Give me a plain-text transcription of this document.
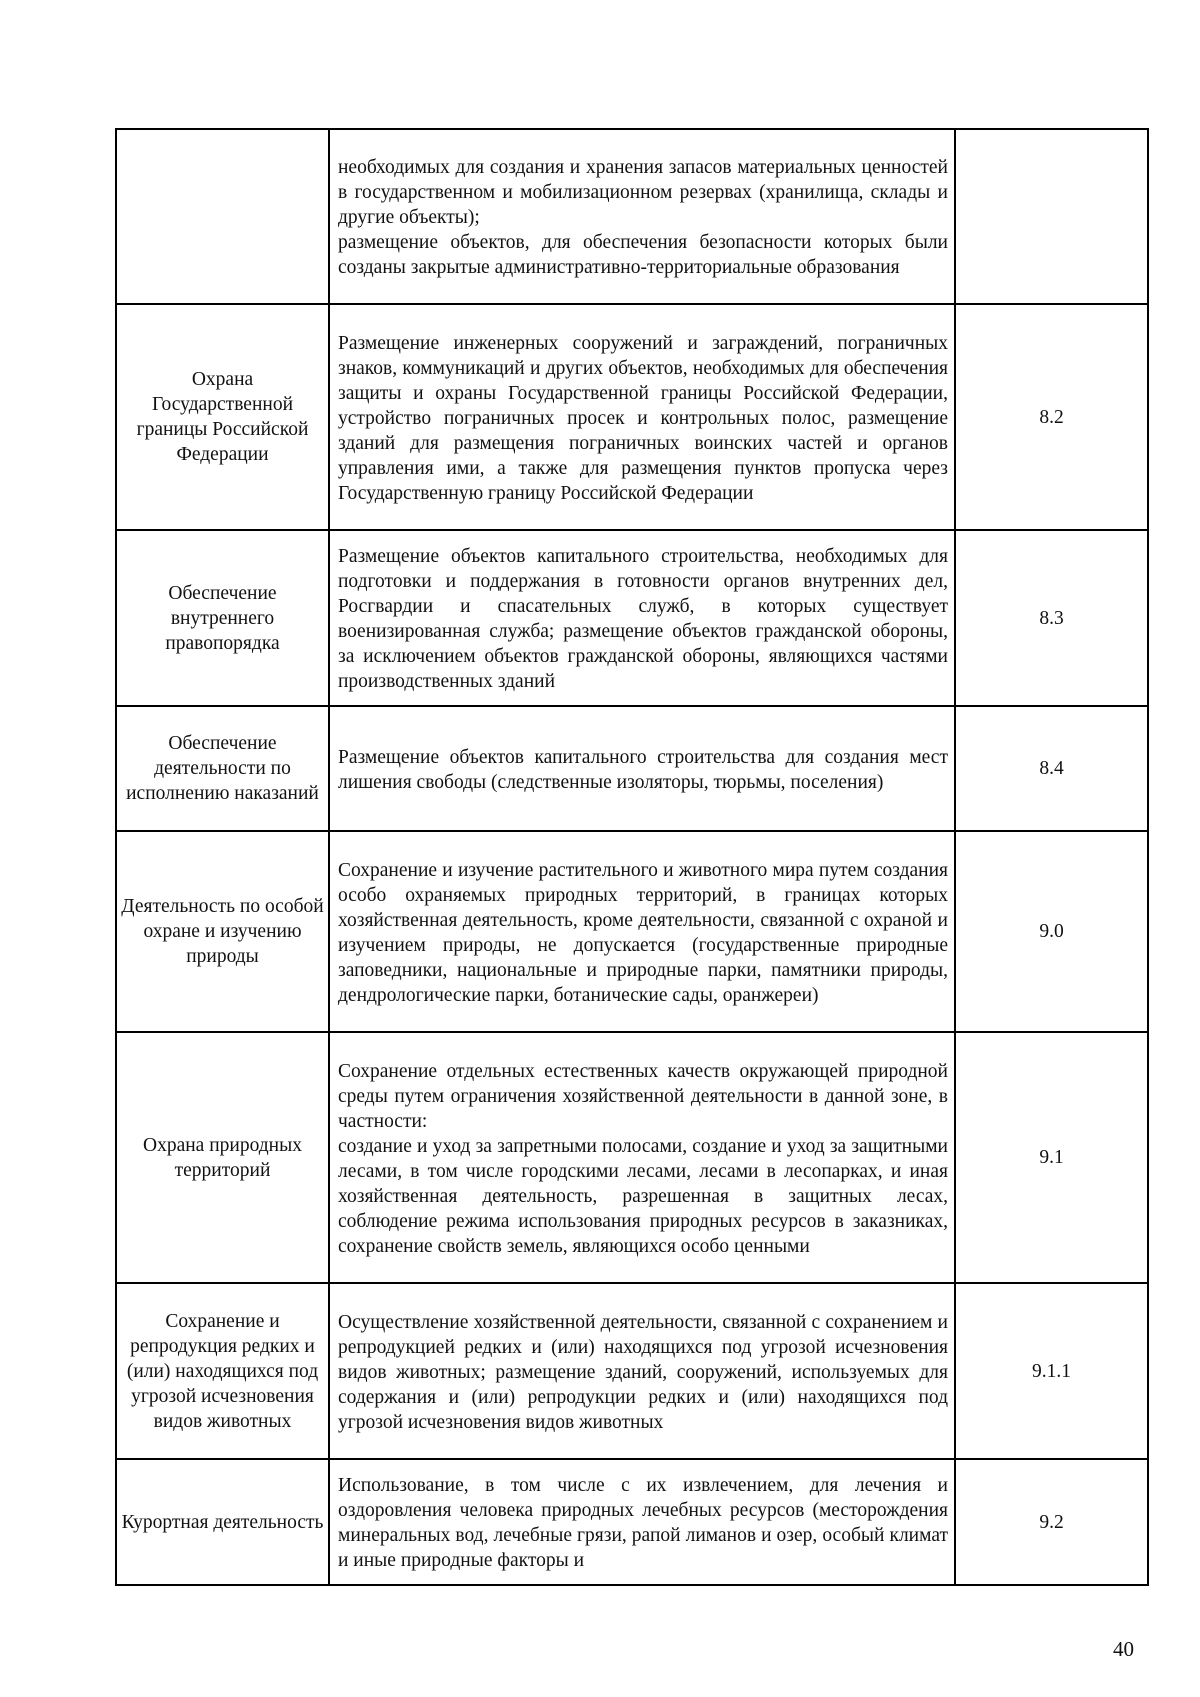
	необходимых для создания и хранения запасов материальных ценностей в государственном и мобилизационном резервах (хранилища, склады и другие объекты);
размещение объектов, для обеспечения безопасности которых были созданы закрытые административно-территориальные образования	

Охрана Государственной границы Российской Федерации	Размещение инженерных сооружений и заграждений, пограничных знаков, коммуникаций и других объектов, необходимых для обеспечения защиты и охраны Государственной границы Российской Федерации, устройство пограничных просек и контрольных полос, размещение зданий для размещения пограничных воинских частей и органов управления ими, а также для размещения пунктов пропуска через Государственную границу Российской Федерации	8.2
Обеспечение внутреннего правопорядка	Размещение объектов капитального строительства, необходимых для подготовки и поддержания в готовности органов внутренних дел, Росгвардии и спасательных служб, в которых существует военизированная служба; размещение объектов гражданской обороны, за исключением объектов гражданской обороны, являющихся частями производственных зданий	8.3
Обеспечение деятельности по исполнению наказаний	Размещение объектов капитального строительства для создания мест лишения свободы (следственные изоляторы, тюрьмы, поселения)	8.4
Деятельность по особой охране и изучению природы	Сохранение и изучение растительного и животного мира путем создания особо охраняемых природных территорий, в границах которых хозяйственная деятельность, кроме деятельности, связанной с охраной и изучением природы, не допускается (государственные природные заповедники, национальные и природные парки, памятники природы, дендрологические парки, ботанические сады, оранжереи)	9.0
Охрана природных территорий	Сохранение отдельных естественных качеств окружающей природной среды путем ограничения хозяйственной деятельности в данной зоне, в частности:
создание и уход за запретными полосами, создание и уход за защитными лесами, в том числе городскими лесами, лесами в лесопарках, и иная хозяйственная деятельность, разрешенная в защитных лесах, соблюдение режима использования природных ресурсов в заказниках, сохранение свойств земель, являющихся особо ценными	9.1
Сохранение и репродукция редких и (или) находящихся под угрозой исчезновения видов животных	Осуществление хозяйственной деятельности, связанной с сохранением и репродукцией редких и (или) находящихся под угрозой исчезновения видов животных; размещение зданий, сооружений, используемых для содержания и (или) репродукции редких и (или) находящихся под угрозой исчезновения видов животных	9.1.1
Курортная деятельность	Использование, в том числе с их извлечением, для лечения и оздоровления человека природных лечебных ресурсов (месторождения минеральных вод, лечебные грязи, рапой лиманов и озер, особый климат и иные природные факторы и	9.2
40
